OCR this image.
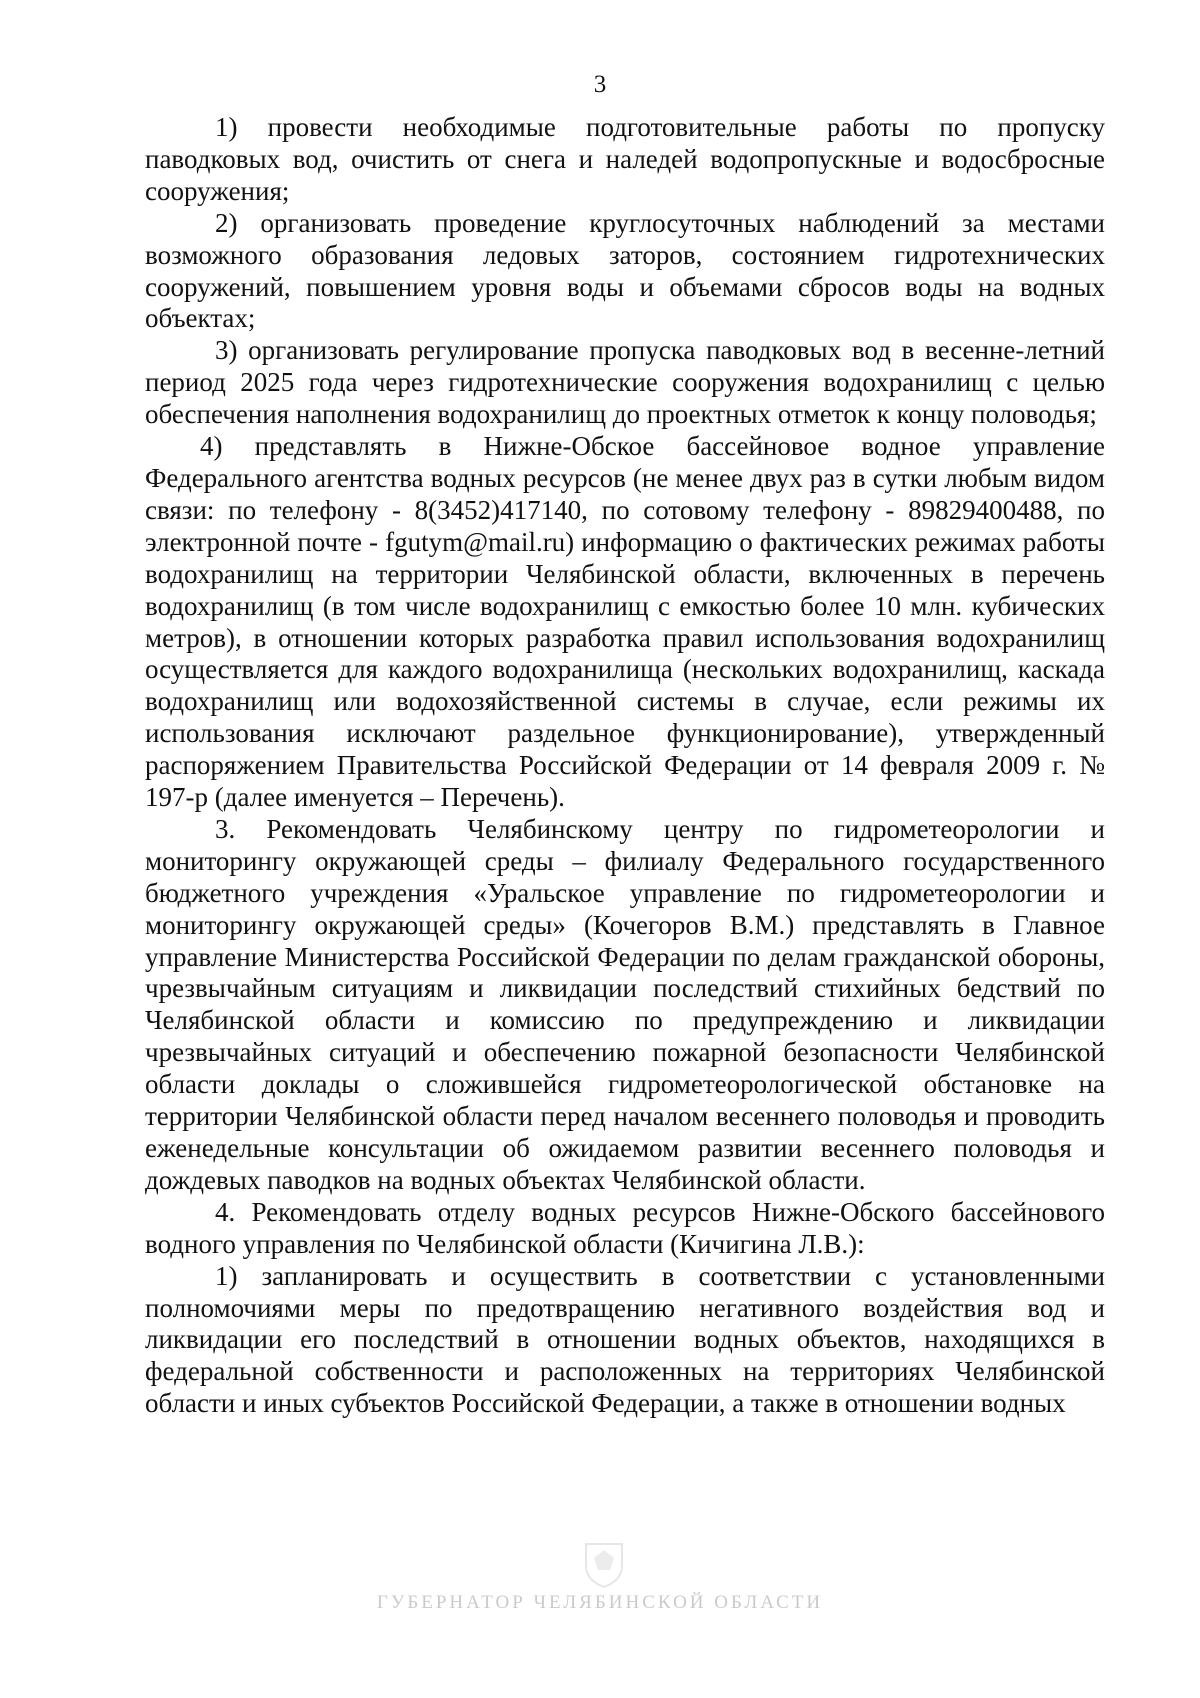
3

1) провести необходимые подготовительные работы по пропуску паводковых вод, очистить от снега и наледей водопропускные и водосбросные сооружения;

2) организовать проведение круглосуточных наблюдений за местами возможного образования ледовых заторов, состоянием гидротехнических сооружений, повышением уровня воды и объемами сбросов воды на водных объектах;

3) организовать регулирование пропуска паводковых вод в весенне-летний период 2025 года через гидротехнические сооружения водохранилищ с целью обеспечения наполнения водохранилищ до проектных отметок к концу половодья;

4) представлять в Нижне-Обское бассейновое водное управление Федерального агентства водных ресурсов (не менее двух раз в сутки любым видом связи: по телефону - 8(3452)417140, по сотовому телефону - 89829400488, по электронной почте - fgutym@mail.ru) информацию о фактических режимах работы водохранилищ на территории Челябинской области, включенных в перечень водохранилищ (в том числе водохранилищ с емкостью более 10 млн. кубических метров), в отношении которых разработка правил использования водохранилищ осуществляется для каждого водохранилища (нескольких водохранилищ, каскада водохранилищ или водохозяйственной системы в случае, если режимы их использования исключают раздельное функционирование), утвержденный распоряжением Правительства Российской Федерации от 14 февраля 2009 г. № 197-р (далее именуется – Перечень).

3. Рекомендовать Челябинскому центру по гидрометеорологии и мониторингу окружающей среды – филиалу Федерального государственного бюджетного учреждения «Уральское управление по гидрометеорологии и мониторингу окружающей среды» (Кочегоров В.М.) представлять в Главное управление Министерства Российской Федерации по делам гражданской обороны, чрезвычайным ситуациям и ликвидации последствий стихийных бедствий по Челябинской области и комиссию по предупреждению и ликвидации чрезвычайных ситуаций и обеспечению пожарной безопасности Челябинской области доклады о сложившейся гидрометеорологической обстановке на территории Челябинской области перед началом весеннего половодья и проводить еженедельные консультации об ожидаемом развитии весеннего половодья и дождевых паводков на водных объектах Челябинской области.

4. Рекомендовать отделу водных ресурсов Нижне-Обского бассейнового водного управления по Челябинской области (Кичигина Л.В.):

1) запланировать и осуществить в соответствии с установленными полномочиями меры по предотвращению негативного воздействия вод и ликвидации его последствий в отношении водных объектов, находящихся в федеральной собственности и расположенных на территориях Челябинской области и иных субъектов Российской Федерации, а также в отношении водных

ГУБЕРНАТОР ЧЕЛЯБИНСКОЙ ОБЛАСТИ
